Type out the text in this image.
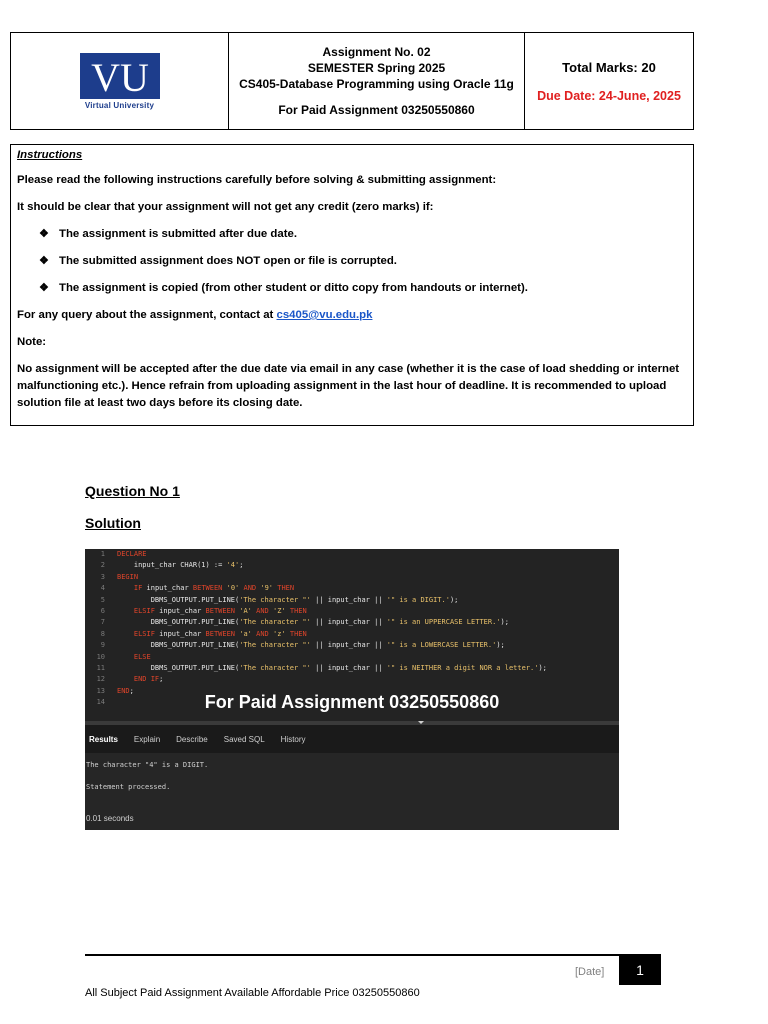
VU
Virtual University
Assignment No. 02
SEMESTER Spring 2025
CS405-Database Programming using Oracle 11g
For Paid Assignment 03250550860
Total Marks: 20
Due Date: 24-June, 2025
Instructions

Please read the following instructions carefully before solving & submitting assignment:

It should be clear that your assignment will not get any credit (zero marks) if:

❖ The assignment is submitted after due date.
❖ The submitted assignment does NOT open or file is corrupted.
❖ The assignment is copied (from other student or ditto copy from handouts or internet).

For any query about the assignment, contact at cs405@vu.edu.pk

Note:

No assignment will be accepted after the due date via email in any case (whether it is the case of load shedding or internet malfunctioning etc.). Hence refrain from uploading assignment in the last hour of deadline. It is recommended to upload solution file at least two days before its closing date.

Question No 1
Solution
1 DECLARE
2    input_char CHAR(1) := '4';
3 BEGIN
4	IF input_char BETWEEN '0' AND '9' THEN
5        DBMS_OUTPUT.PUT_LINE('The character "' || input_char || '" is a DIGIT.');
6	ELSIF input_char BETWEEN 'A' AND 'Z' THEN
7        DBMS_OUTPUT.PUT_LINE('The character "' || input_char || '" is an UPPERCASE LETTER.');
8	ELSIF input_char BETWEEN 'a' AND 'z' THEN
9        DBMS_OUTPUT.PUT_LINE('The character "' || input_char || '" is a LOWERCASE LETTER.');
10	ELSE
11        DBMS_OUTPUT.PUT_LINE('The character "' || input_char || '" is NEITHER a digit NOR a letter.');
12	END IF;
13 END;
14	For Paid Assignment 03250550860
Results Explain Describe Saved SQL History
The character "4" is a DIGIT.
Statement processed.
0.01 seconds
[Date]	1
All Subject Paid Assignment Available Affordable Price 03250550860
